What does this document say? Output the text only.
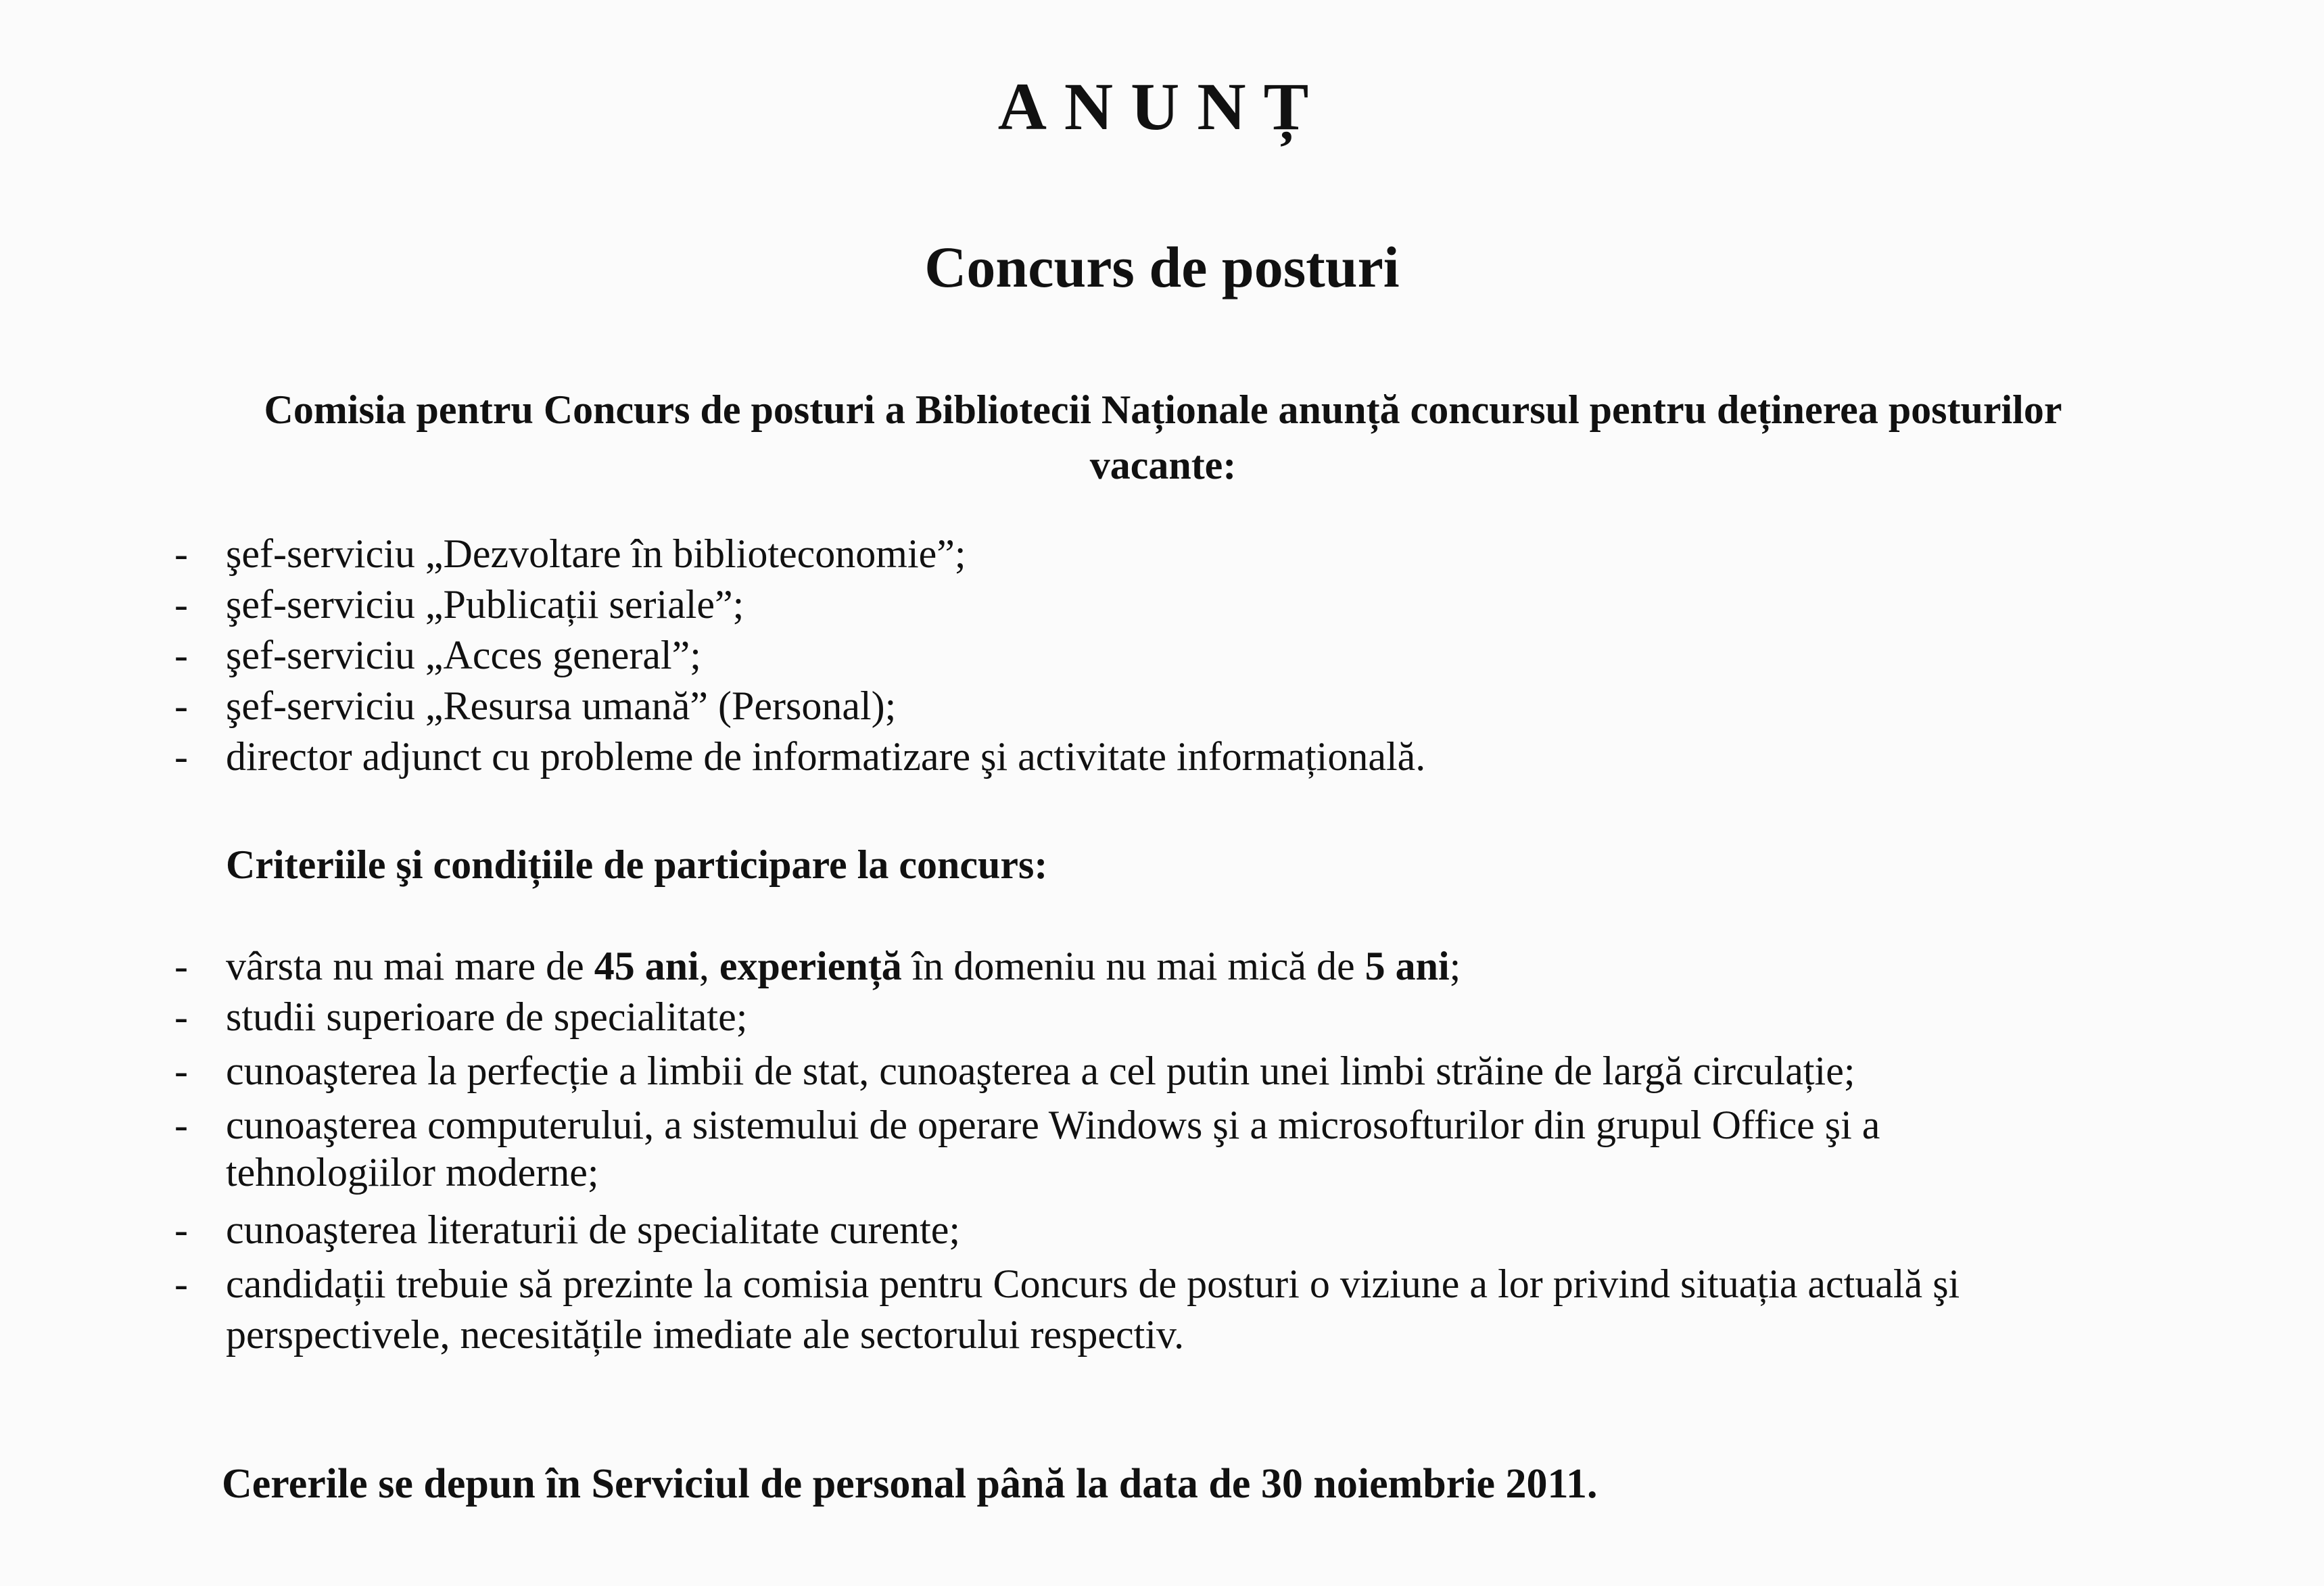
ANUNȚ
Concurs de posturi
Comisia pentru Concurs de posturi a Bibliotecii Naționale anunță concursul pentru deținerea posturilor vacante:
- şef-serviciu „Dezvoltare în biblioteconomie”;
- şef-serviciu „Publicații seriale”;
- şef-serviciu „Acces general”;
- şef-serviciu „Resursa umană” (Personal);
- director adjunct cu probleme de informatizare şi activitate informațională.
Criteriile şi condițiile de participare la concurs:
- vârsta nu mai mare de 45 ani, experiență în domeniu nu mai mică de 5 ani;
- studii superioare de specialitate;
- cunoaşterea la perfecție a limbii de stat, cunoaşterea a cel putin unei limbi străine de largă circulație;
- cunoaşterea computerului, a sistemului de operare Windows şi a microsofturilor din grupul Office şi a
tehnologiilor moderne;
- cunoaşterea literaturii de specialitate curente;
- candidații trebuie să prezinte la comisia pentru Concurs de posturi o viziune a lor privind situația actuală şi
perspectivele, necesitățile imediate ale sectorului respectiv.
Cererile se depun în Serviciul de personal până la data de 30 noiembrie 2011.
